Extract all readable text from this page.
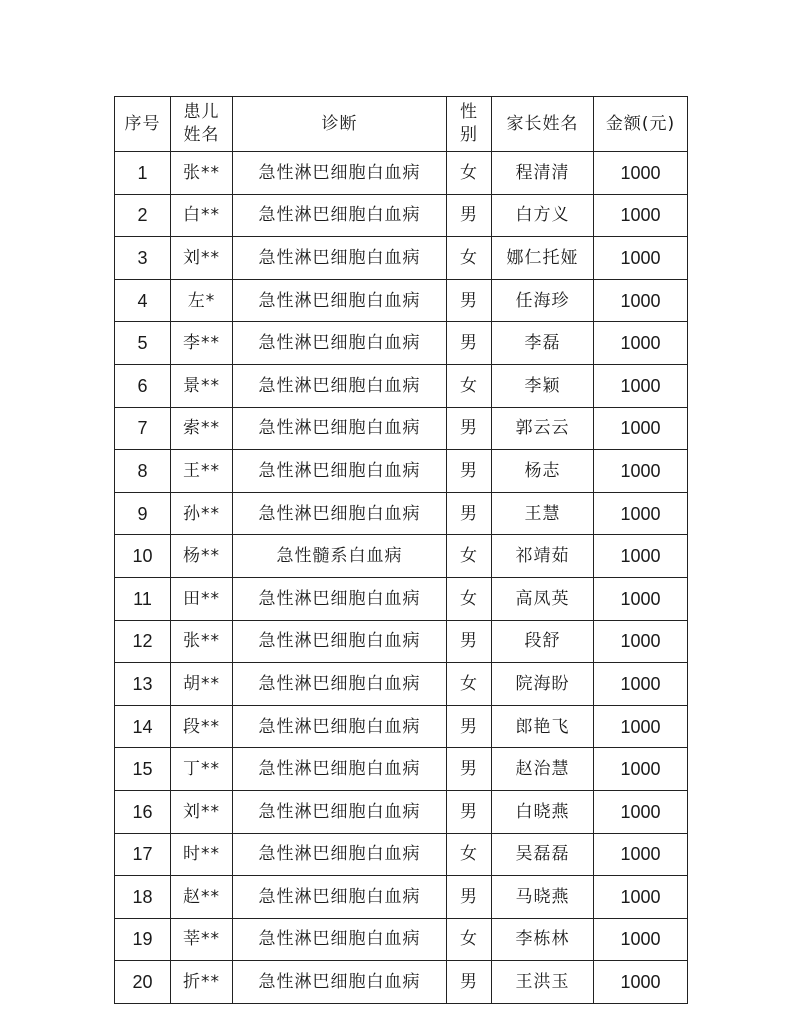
序号	患儿姓名	诊断	性别	家长姓名	金额(元)
1	张**	急性淋巴细胞白血病	女	程清清	1000
2	白**	急性淋巴细胞白血病	男	白方义	1000
3	刘**	急性淋巴细胞白血病	女	娜仁托娅	1000
4	左*	急性淋巴细胞白血病	男	任海珍	1000
5	李**	急性淋巴细胞白血病	男	李磊	1000
6	景**	急性淋巴细胞白血病	女	李颖	1000
7	索**	急性淋巴细胞白血病	男	郭云云	1000
8	王**	急性淋巴细胞白血病	男	杨志	1000
9	孙**	急性淋巴细胞白血病	男	王慧	1000
10	杨**	急性髓系白血病	女	祁靖茹	1000
11	田**	急性淋巴细胞白血病	女	高凤英	1000
12	张**	急性淋巴细胞白血病	男	段舒	1000
13	胡**	急性淋巴细胞白血病	女	院海盼	1000
14	段**	急性淋巴细胞白血病	男	郎艳飞	1000
15	丁**	急性淋巴细胞白血病	男	赵治慧	1000
16	刘**	急性淋巴细胞白血病	男	白晓燕	1000
17	时**	急性淋巴细胞白血病	女	吴磊磊	1000
18	赵**	急性淋巴细胞白血病	男	马晓燕	1000
19	莘**	急性淋巴细胞白血病	女	李栋林	1000
20	折**	急性淋巴细胞白血病	男	王洪玉	1000
